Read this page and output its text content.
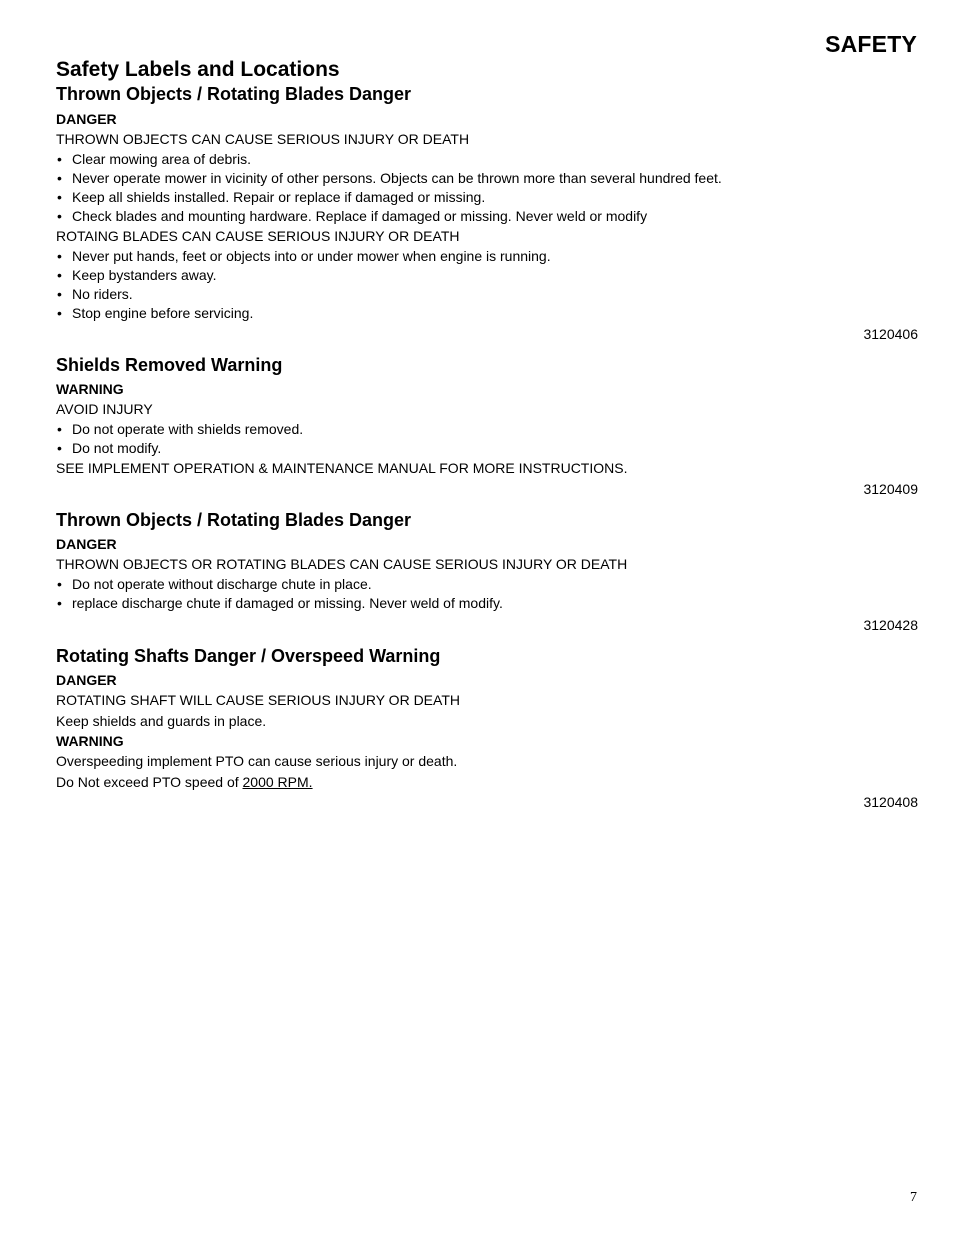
SAFETY
Safety Labels and Locations
Thrown Objects / Rotating Blades Danger

DANGER

THROWN OBJECTS CAN CAUSE SERIOUS INJURY OR DEATH

• Clear mowing area of debris.
• Never operate mower in vicinity of other persons. Objects can be thrown more than several hundred feet.
• Keep all shields installed. Repair or replace if damaged or missing.
• Check blades and mounting hardware. Replace if damaged or missing. Never weld or modify

ROTAING BLADES CAN CAUSE SERIOUS INJURY OR DEATH

• Never put hands, feet or objects into or under mower when engine is running.
• Keep bystanders away.
• No riders.
• Stop engine before servicing.

3120406

Shields Removed Warning

WARNING

AVOID INJURY

• Do not operate with shields removed.
• Do not modify.

SEE IMPLEMENT OPERATION & MAINTENANCE MANUAL FOR MORE INSTRUCTIONS.

3120409

Thrown Objects / Rotating Blades Danger

DANGER

THROWN OBJECTS OR ROTATING BLADES CAN CAUSE SERIOUS INJURY OR DEATH

• Do not operate without discharge chute in place.
• replace discharge chute if damaged or missing. Never weld of modify.

3120428

Rotating Shafts Danger / Overspeed Warning

DANGER

ROTATING SHAFT WILL CAUSE SERIOUS INJURY OR DEATH

Keep shields and guards in place.

WARNING

Overspeeding implement PTO can cause serious injury or death.

Do Not exceed PTO speed of 2000 RPM.

3120408

7
